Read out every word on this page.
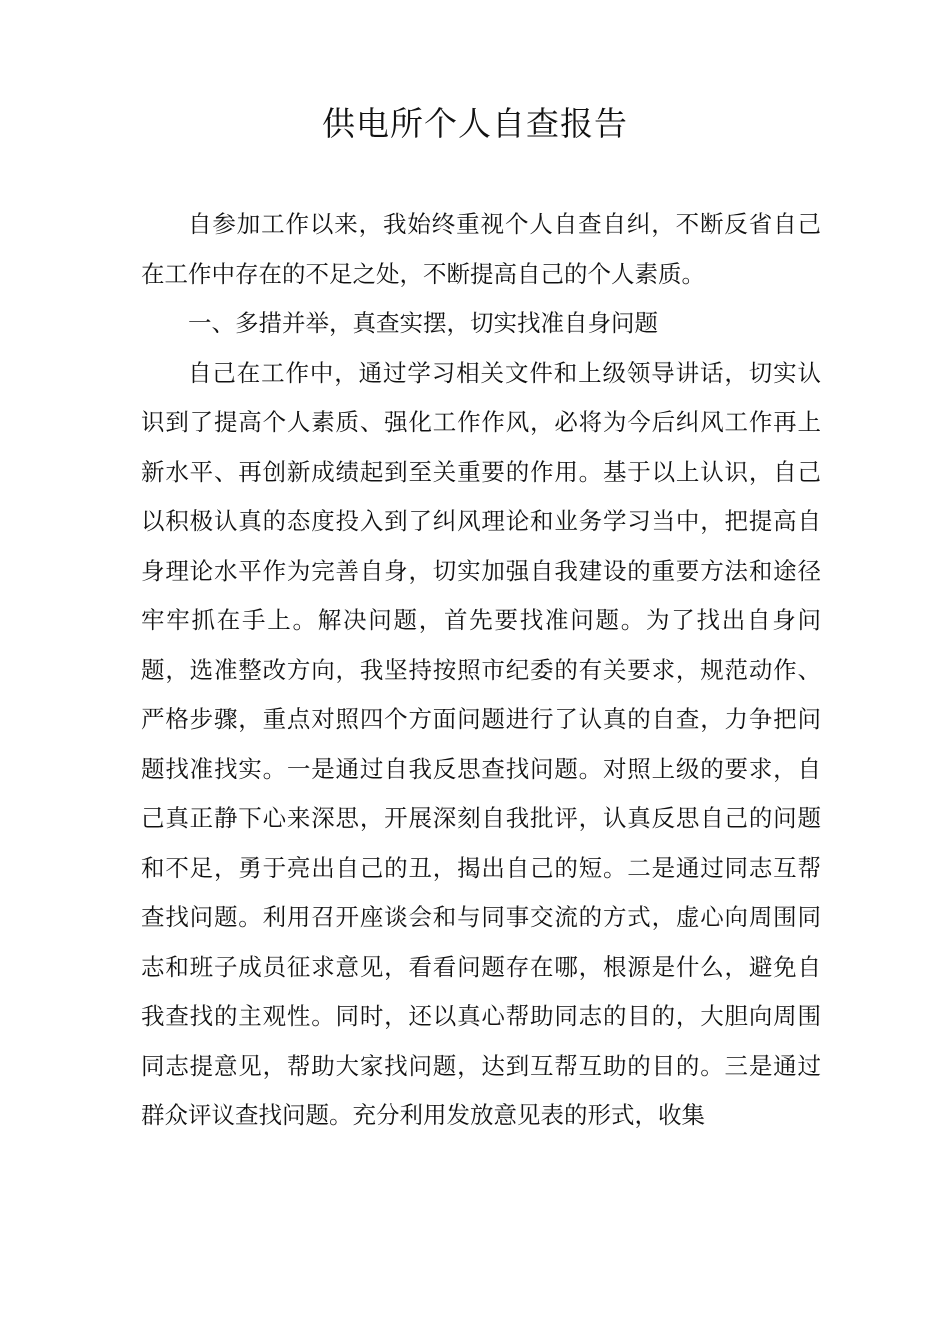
供电所个人自查报告

自参加工作以来，我始终重视个人自查自纠，不断反省自己在工作中存在的不足之处，不断提高自己的个人素质。

一、多措并举，真查实摆，切实找准自身问题

自己在工作中，通过学习相关文件和上级领导讲话，切实认识到了提高个人素质、强化工作作风，必将为今后纠风工作再上新水平、再创新成绩起到至关重要的作用。基于以上认识，自己以积极认真的态度投入到了纠风理论和业务学习当中，把提高自身理论水平作为完善自身，切实加强自我建设的重要方法和途径牢牢抓在手上。解决问题，首先要找准问题。为了找出自身问题，选准整改方向，我坚持按照市纪委的有关要求，规范动作、严格步骤，重点对照四个方面问题进行了认真的自查，力争把问题找准找实。一是通过自我反思查找问题。对照上级的要求，自己真正静下心来深思，开展深刻自我批评，认真反思自己的问题和不足，勇于亮出自己的丑，揭出自己的短。二是通过同志互帮查找问题。利用召开座谈会和与同事交流的方式，虚心向周围同志和班子成员征求意见，看看问题存在哪，根源是什么，避免自我查找的主观性。同时，还以真心帮助同志的目的，大胆向周围同志提意见，帮助大家找问题，达到互帮互助的目的。三是通过群众评议查找问题。充分利用发放意见表的形式，收集
